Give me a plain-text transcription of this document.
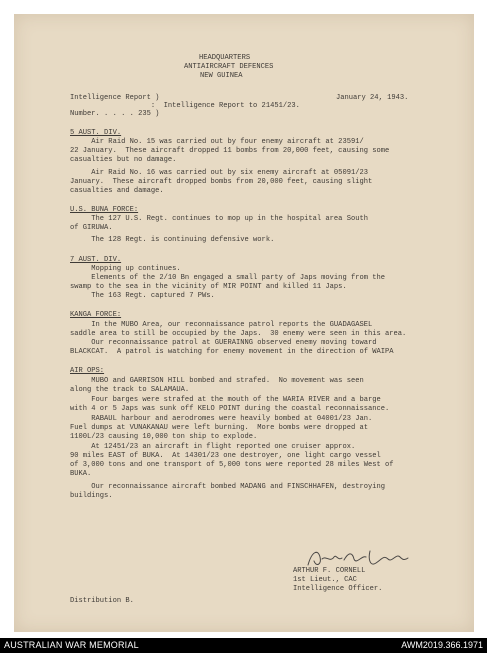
HEADQUARTERS
ANTIAIRCRAFT DEFENCES
NEW GUINEA
Intelligence Report )	January 24, 1943.
:  Intelligence Report to 21451/23.
Number. . . . . 235 )
5 AUST. DIV.
Air Raid No. 15 was carried out by four enemy aircraft at 23591/
22 January.  These aircraft dropped 11 bombs from 20,000 feet, causing some
casualties but no damage.
Air Raid No. 16 was carried out by six enemy aircraft at 05091/23
January.  These aircraft dropped bombs from 20,000 feet, causing slight
casualties and damage.
U.S. BUNA FORCE:
The 127 U.S. Regt. continues to mop up in the hospital area South
of GIRUWA.
The 128 Regt. is continuing defensive work.
7 AUST. DIV.
Mopping up continues.
Elements of the 2/10 Bn engaged a small party of Japs moving from the
swamp to the sea in the vicinity of MIR POINT and killed 11 Japs.
The 163 Regt. captured 7 PWs.
KANGA FORCE:
In the MUBO Area, our reconnaissance patrol reports the GUADAGASEL
saddle area to still be occupied by the Japs.  30 enemy were seen in this area.
Our reconnaissance patrol at GUERAINNG observed enemy moving toward
BLACKCAT.  A patrol is watching for enemy movement in the direction of WAIPA
AIR OPS:
MUBO and GARRISON HILL bombed and strafed.  No movement was seen
along the track to SALAMAUA.
Four barges were strafed at the mouth of the WARIA RIVER and a barge
with 4 or 5 Japs was sunk off KELO POINT during the coastal reconnaissance.
RABAUL harbour and aerodromes were heavily bombed at 04001/23 Jan.
Fuel dumps at VUNAKANAU were left burning.  More bombs were dropped at
1100L/23 causing 10,000 ton ship to explode.
At 12451/23 an aircraft in flight reported one cruiser approx.
90 miles EAST of BUKA.  At 14301/23 one destroyer, one light cargo vessel
of 3,000 tons and one transport of 5,000 tons were reported 28 miles West of
BUKA.
Our reconnaissance aircraft bombed MADANG and FINSCHHAFEN, destroying
buildings.
ARTHUR F. CORNELL
1st Lieut., CAC
Intelligence Officer.
Distribution B.
AUSTRALIAN WAR MEMORIAL	AWM2019.366.1971
